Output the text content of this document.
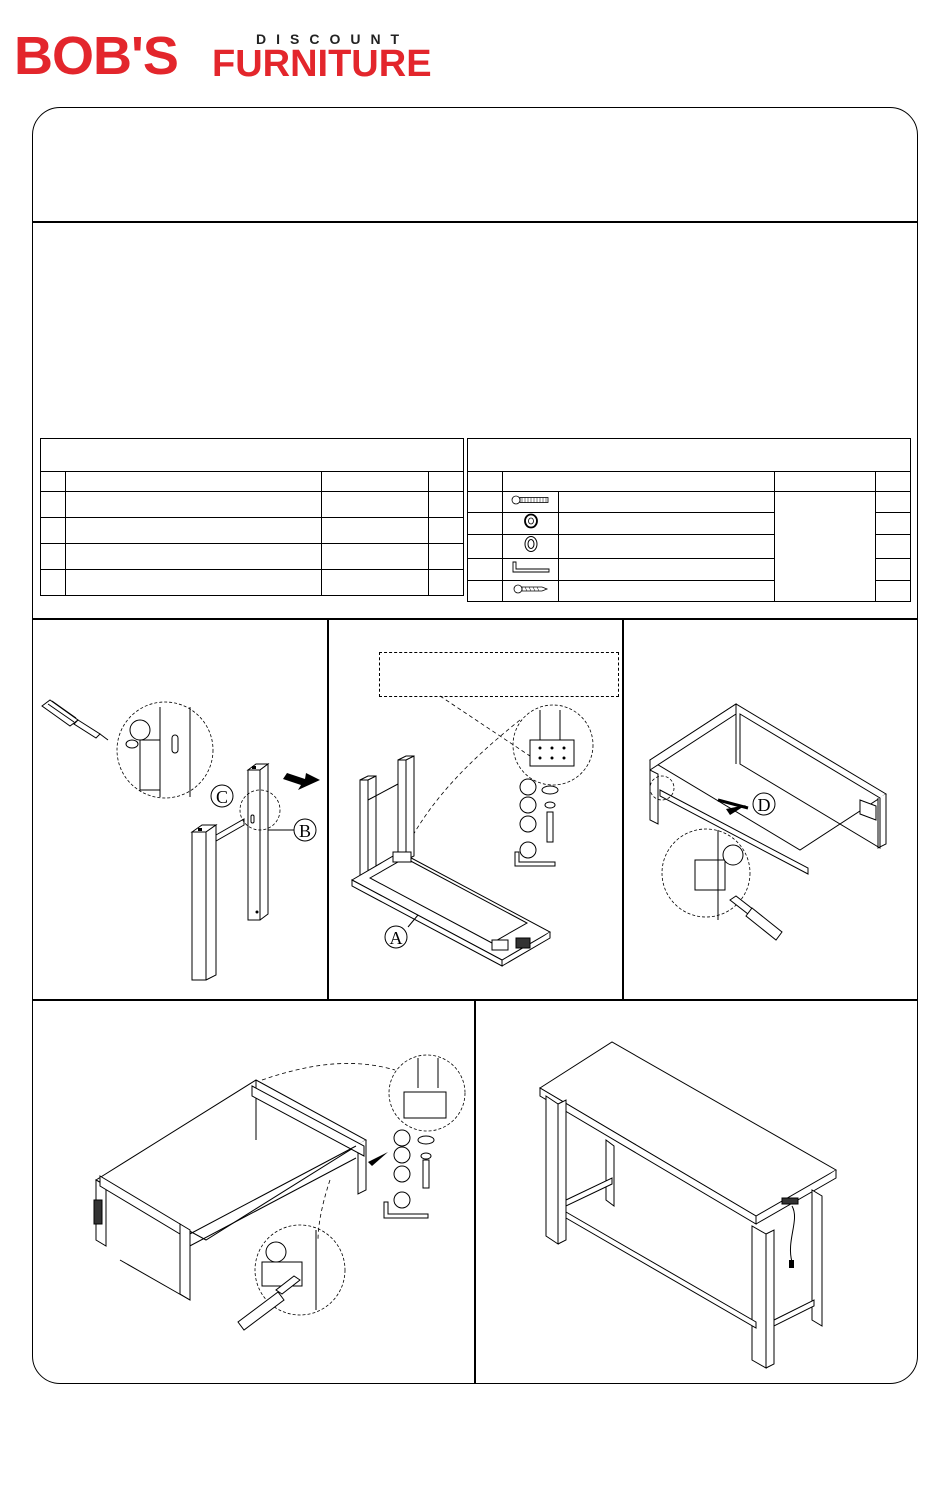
BOB'S	DISCOUNT
FURNITURE

C
B
A
D
